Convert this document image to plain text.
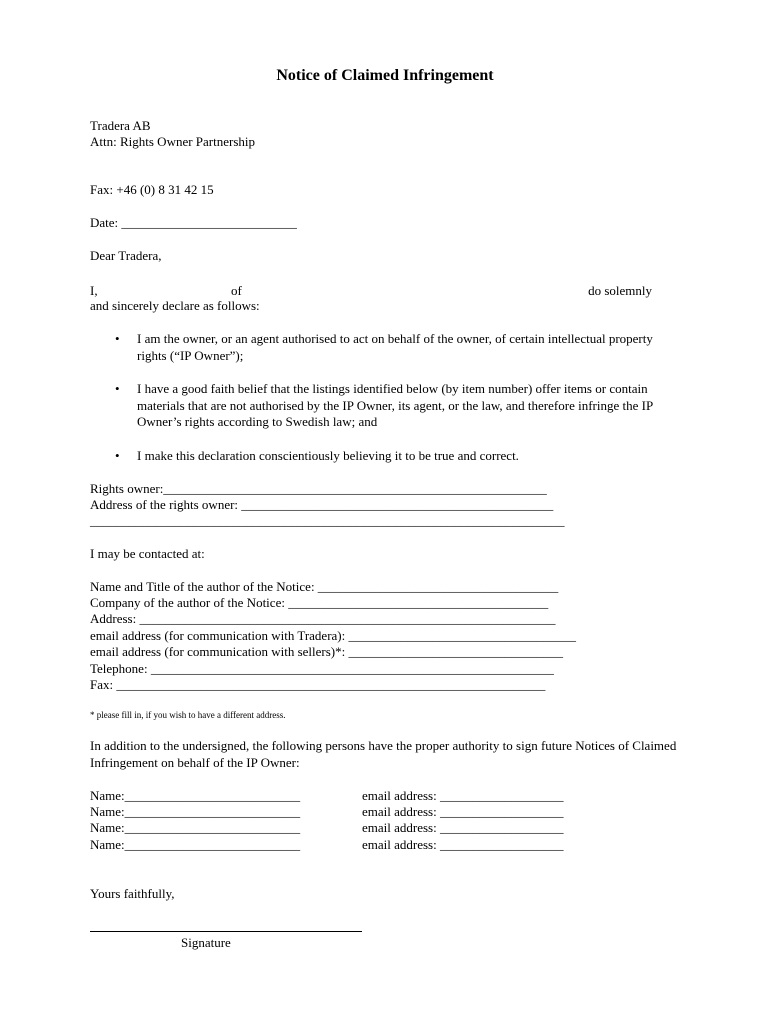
Notice of Claimed Infringement
Tradera AB
Attn: Rights Owner Partnership
Fax: +46 (0) 8 31 42 15
Date: ___________________________
Dear Tradera,
I,	of	do solemnly
and sincerely declare as follows:
• I am the owner, or an agent authorised to act on behalf of the owner, of certain intellectual property rights (“IP Owner”);
• I have a good faith belief that the listings identified below (by item number) offer items or contain materials that are not authorised by the IP Owner, its agent, or the law, and therefore infringe the IP Owner’s rights according to Swedish law; and
• I make this declaration conscientiously believing it to be true and correct.
Rights owner:___________________________________________________________
Address of the rights owner: ________________________________________________
_________________________________________________________________________
I may be contacted at:
Name and Title of the author of the Notice: _____________________________________
Company of the author of the Notice: ________________________________________
Address: ________________________________________________________________
email address (for communication with Tradera): ___________________________________
email address (for communication with sellers)*: _________________________________
Telephone: ______________________________________________________________
Fax: __________________________________________________________________
* please fill in, if you wish to have a different address.
In addition to the undersigned, the following persons have the proper authority to sign future Notices of Claimed Infringement on behalf of the IP Owner:
Name:___________________________
Name:___________________________
Name:___________________________
Name:___________________________
email address: ___________________
email address: ___________________
email address: ___________________
email address: ___________________
Yours faithfully,
Signature
